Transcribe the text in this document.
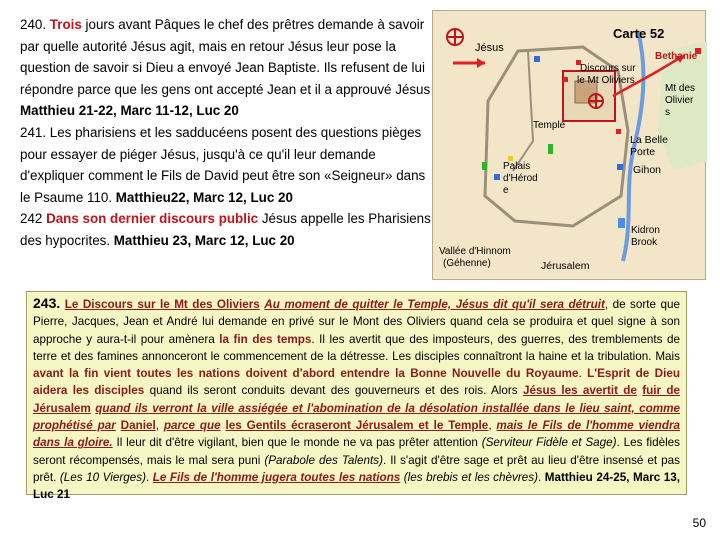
240. Trois jours avant Pâques le chef des prêtres demande à savoir par quelle autorité Jésus agit, mais en retour Jésus leur pose la question de savoir si Dieu a envoyé Jean Baptiste. Ils refusent de lui répondre parce que les gens ont accepté Jean et il a approuvé Jésus Matthieu 21-22, Marc 11-12, Luc 20

241. Les pharisiens et les sadducéens posent des questions pièges pour essayer de piéger Jésus, jusqu'à ce qu'il leur demande d'expliquer comment le Fils de David peut être son «Seigneur» dans le Psaume 110. Matthieu22, Marc 12, Luc 20

242 Dans son dernier discours public Jésus appelle les Pharisiens des hypocrites. Matthieu 23, Marc 12, Luc 20

Carte 52
Jésus
Bethanie
Discours sur
le Mt Oliviers
Mt des
Olivier
s
Temple
La Belle
Porte
Palais
d'Hérod
e
Gihon
Kidron
Brook
Vallée d'Hinnom
(Géhenne)	Jérusalem

243. Le Discours sur le Mt des Oliviers Au moment de quitter le Temple, Jésus dit qu'il sera détruit, de sorte que Pierre, Jacques, Jean et André lui demande en privé sur le Mont des Oliviers quand cela se produira et quel signe à son approche y aura-t-il pour amènera la fin des temps. Il les avertit que des imposteurs, des guerres, des tremblements de terre et des famines annonceront le commencement de la détresse. Les disciples connaîtront la haine et la tribulation. Mais avant la fin vient toutes les nations doivent d'abord entendre la Bonne Nouvelle du Royaume. L'Esprit de Dieu aidera les disciples quand ils seront conduits devant des gouverneurs et des rois. Alors Jésus les avertit de fuir de Jérusalem quand ils verront la ville assiégée et l'abomination de la désolation installée dans le lieu saint, comme prophétisé par Daniel, parce que les Gentils écraseront Jérusalem et le Temple, mais le Fils de l'homme viendra dans la gloire. Il leur dit d'être vigilant, bien que le monde ne va pas prêter attention (Serviteur Fidèle et Sage). Les fidèles seront récompensés, mais le mal sera puni (Parabole des Talents). Il s'agit d'être sage et prêt au lieu d'être insensé et pas prêt. (Les 10 Vierges). Le Fils de l'homme jugera toutes les nations (les brebis et les chèvres). Matthieu 24-25, Marc 13, Luc 21

50
